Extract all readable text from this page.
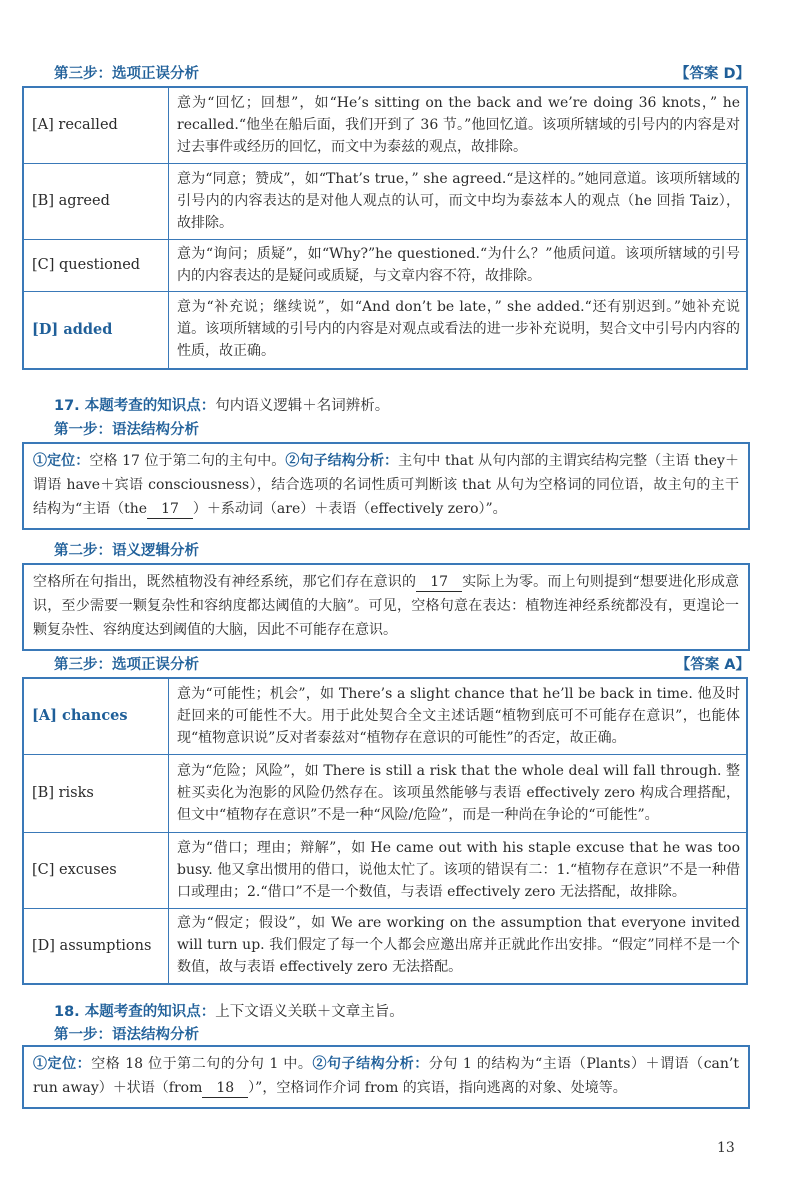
第三步：选项正误分析	【答案 D】
[A] recalled	意为“回忆；回想”，如“He’s sitting on the back and we’re doing 36 knots，” he recalled.“他坐在船后面，我们开到了 36 节。”他回忆道。该项所辖域的引号内的内容是对过去事件或经历的回忆，而文中为泰兹的观点，故排除。
[B] agreed	意为“同意；赞成”，如“That’s true，” she agreed.“是这样的。”她同意道。该项所辖域的引号内的内容表达的是对他人观点的认可，而文中均为泰兹本人的观点（he 回指 Taiz），故排除。
[C] questioned	意为“询问；质疑”，如“Why?”he questioned.“为什么？”他质问道。该项所辖域的引号内的内容表达的是疑问或质疑，与文章内容不符，故排除。
[D] added	意为“补充说；继续说”，如“And don’t be late，” she added.“还有别迟到。”她补充说道。该项所辖域的引号内的内容是对观点或看法的进一步补充说明，契合文中引号内内容的性质，故正确。
17. 本题考查的知识点：句内语义逻辑＋名词辨析。
第一步：语法结构分析
①定位：空格 17 位于第二句的主句中。②句子结构分析：主句中 that 从句内部的主谓宾结构完整（主语 they＋谓语 have＋宾语 consciousness），结合选项的名词性质可判断该 that 从句为空格词的同位语，故主句的主干结构为“主语（the 17 ）＋系动词（are）＋表语（effectively zero）”。
第二步：语义逻辑分析
空格所在句指出，既然植物没有神经系统，那它们存在意识的 17 实际上为零。而上句则提到“想要进化形成意识，至少需要一颗复杂性和容纳度都达阈值的大脑”。可见，空格句意在表达：植物连神经系统都没有，更遑论一颗复杂性、容纳度达到阈值的大脑，因此不可能存在意识。
第三步：选项正误分析	【答案 A】
[A] chances	意为“可能性；机会”，如 There’s a slight chance that he’ll be back in time. 他及时赶回来的可能性不大。用于此处契合全文主述话题“植物到底可不可能存在意识”，也能体现“植物意识说”反对者泰兹对“植物存在意识的可能性”的否定，故正确。
[B] risks	意为“危险；风险”，如 There is still a risk that the whole deal will fall through. 整桩买卖化为泡影的风险仍然存在。该项虽然能够与表语 effectively zero 构成合理搭配，但文中“植物存在意识”不是一种“风险/危险”，而是一种尚在争论的“可能性”。
[C] excuses	意为“借口；理由；辩解”，如 He came out with his staple excuse that he was too busy. 他又拿出惯用的借口，说他太忙了。该项的错误有二：1.“植物存在意识”不是一种借口或理由；2.“借口”不是一个数值，与表语 effectively zero 无法搭配，故排除。
[D] assumptions	意为“假定；假设”，如 We are working on the assumption that everyone invited will turn up. 我们假定了每一个人都会应邀出席并正就此作出安排。“假定”同样不是一个数值，故与表语 effectively zero 无法搭配。
18. 本题考查的知识点：上下文语义关联＋文章主旨。
第一步：语法结构分析
①定位：空格 18 位于第二句的分句 1 中。②句子结构分析：分句 1 的结构为“主语（Plants）＋谓语（can’t run away）＋状语（from 18 ）”，空格词作介词 from 的宾语，指向逃离的对象、处境等。
13
